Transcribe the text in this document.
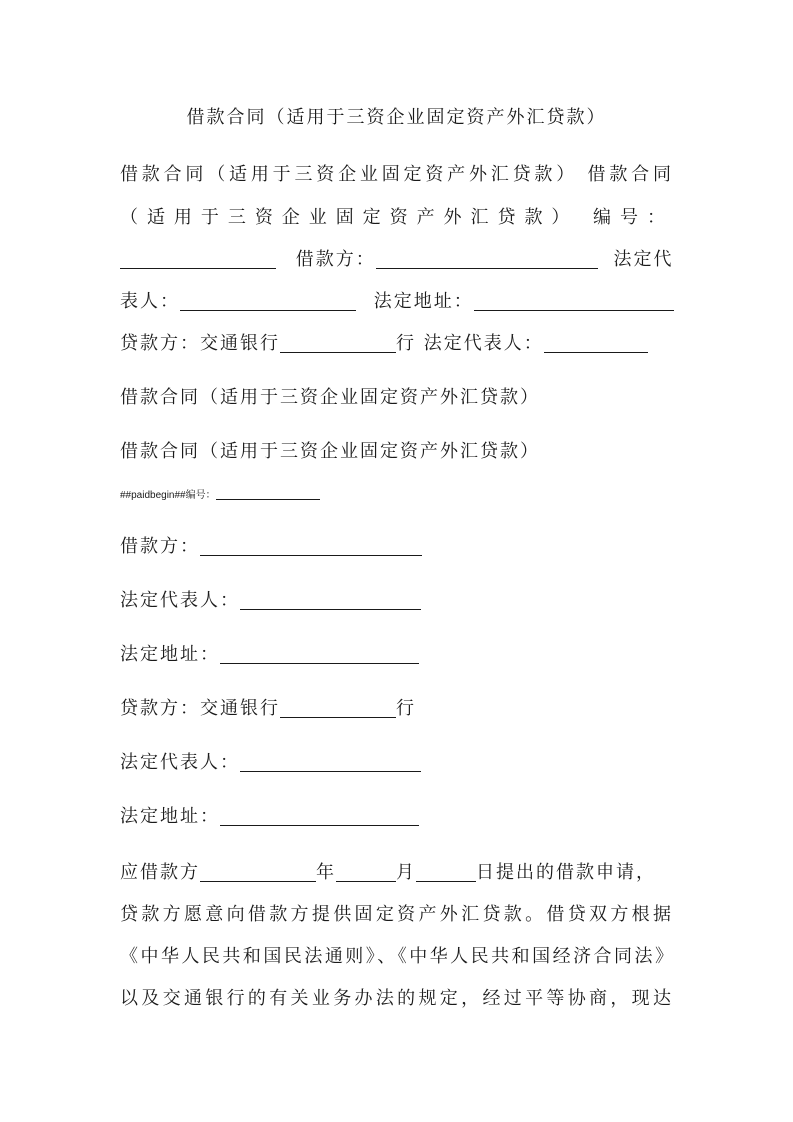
借款合同（适用于三资企业固定资产外汇贷款）
借款合同（适用于三资企业固定资产外汇贷款） 借款合同
（适用于三资企业固定资产外汇贷款） 编号：
借款方：	法定代
表人：	法定地址：
贷款方：交通银行	行 法定代表人：
借款合同（适用于三资企业固定资产外汇贷款）
借款合同（适用于三资企业固定资产外汇贷款）
##paidbegin##编号：
借款方：
法定代表人：
法定地址：
贷款方：交通银行	行
法定代表人：
法定地址：
应借款方	年	月	日提出的借款申请，
贷款方愿意向借款方提供固定资产外汇贷款。借贷双方根据
《中华人民共和国民法通则》、《中华人民共和国经济合同法》
以及交通银行的有关业务办法的规定，经过平等协商，现达
